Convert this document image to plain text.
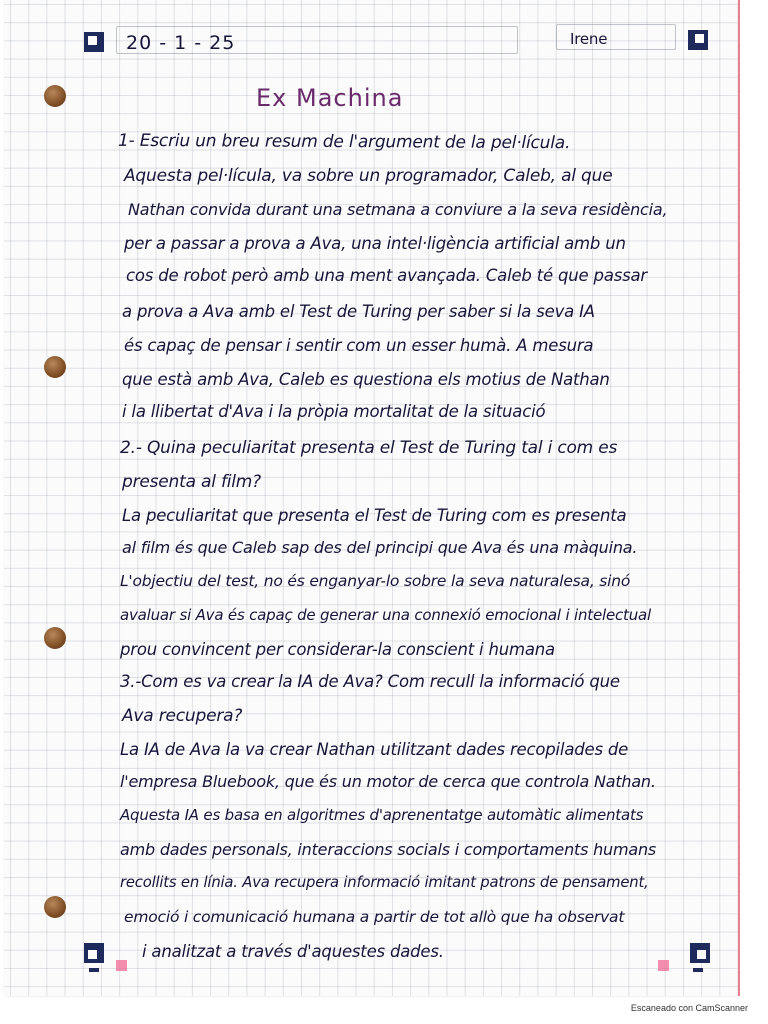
20 - 1 - 25	Irene
Ex Machina
1- Escriu un breu resum de l'argument de la pel·lícula.
Aquesta pel·lícula, va sobre un programador, Caleb, al que
Nathan convida durant una setmana a conviure a la seva residència,
per a passar a prova a Ava, una intel·ligència artificial amb un
cos de robot però amb una ment avançada. Caleb té que passar
a prova a Ava amb el Test de Turing per saber si la seva IA
és capaç de pensar i sentir com un esser humà. A mesura
que està amb Ava, Caleb es questiona els motius de Nathan
i la llibertat d'Ava i la pròpia mortalitat de la situació
2.- Quina peculiaritat presenta el Test de Turing tal i com es
presenta al film?
La peculiaritat que presenta el Test de Turing com es presenta
al film és que Caleb sap des del principi que Ava és una màquina.
L'objectiu del test, no és enganyar-lo sobre la seva naturalesa, sinó
avaluar si Ava és capaç de generar una connexió emocional i intelectual
prou convincent per considerar-la conscient i humana
3.-Com es va crear la IA de Ava? Com recull la informació que
Ava recupera?
La IA de Ava la va crear Nathan utilitzant dades recopilades de
l'empresa Bluebook, que és un motor de cerca que controla Nathan.
Aquesta IA es basa en algoritmes d'aprenentatge automàtic alimentats
amb dades personals, interaccions socials i comportaments humans
recollits en línia. Ava recupera informació imitant patrons de pensament,
emoció i comunicació humana a partir de tot allò que ha observat
i analitzat a través d'aquestes dades.
Escaneado con CamScanner
